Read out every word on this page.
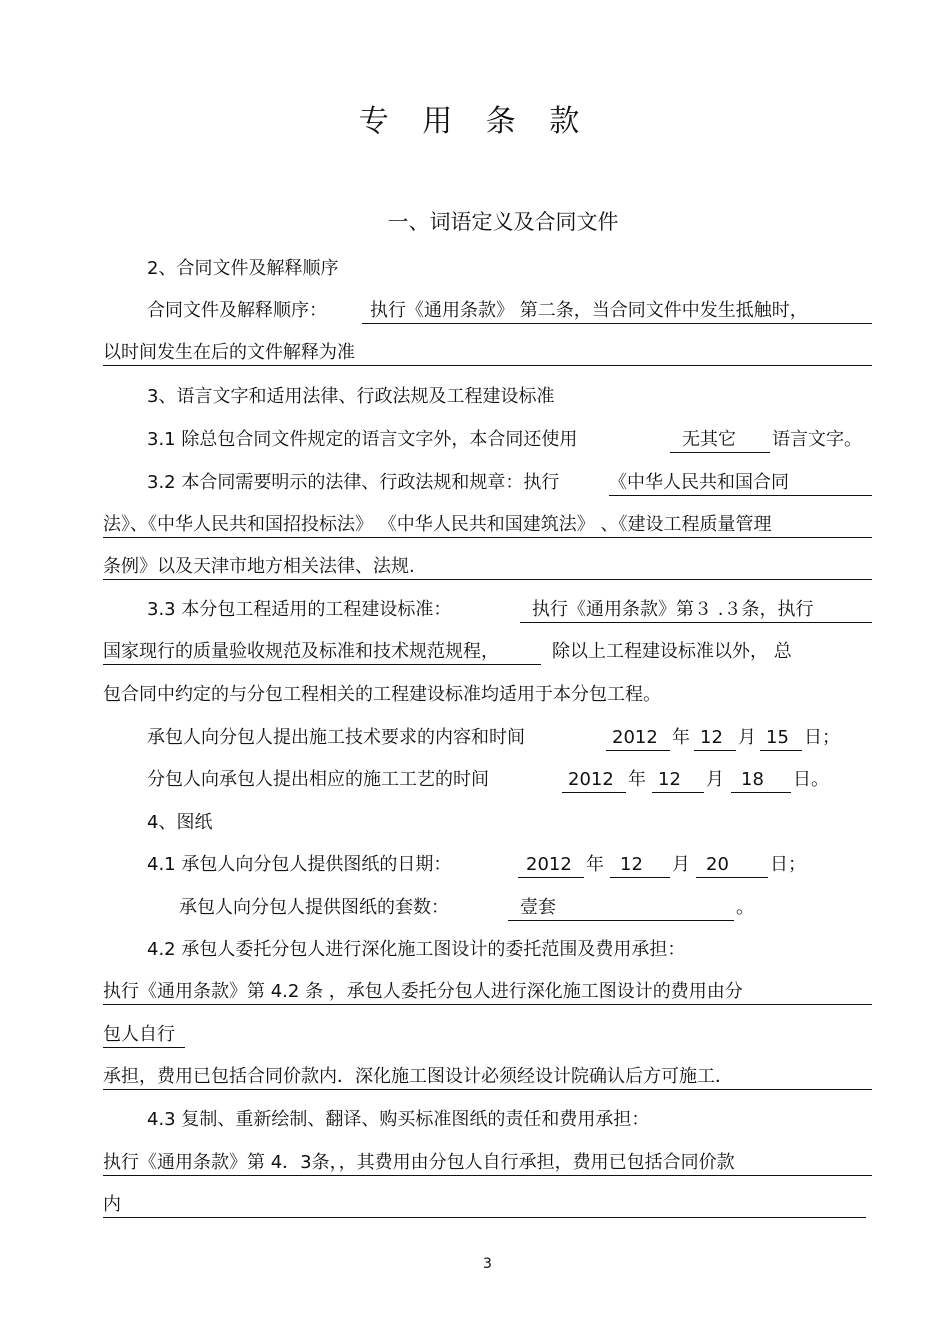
专 用 条 款
一、词语定义及合同文件
2、合同文件及解释顺序
合同文件及解释顺序： 执行《通用条款》 第二条，当合同文件中发生抵触时，
以时间发生在后的文件解释为准
3、语言文字和适用法律、行政法规及工程建设标准
3.1 除总包合同文件规定的语言文字外，本合同还使用	无其它 语言文字。
3.2 本合同需要明示的法律、行政法规和规章：执行	《中华人民共和国合同
法》、《中华人民共和国招投标法》 《中华人民共和国建筑法》 、《建设工程质量管理
条例》以及天津市地方相关法律、法规.
3.3 本分包工程适用的工程建设标准：	执行《通用条款》第３ .３条，执行
国家现行的质量验收规范及标准和技术规范规程，	除以上工程建设标准以外， 总
包合同中约定的与分包工程相关的工程建设标准均适用于本分包工程。
承包人向分包人提出施工技术要求的内容和时间	2012 年 12 月 15 日；
分包人向承包人提出相应的施工工艺的时间	2012 年 12 月 18 日。
4、图纸
4.1 承包人向分包人提供图纸的日期：	2012 年 12 月 20 日；
承包人向分包人提供图纸的套数：	壹套	。
4.2 承包人委托分包人进行深化施工图设计的委托范围及费用承担：
执行《通用条款》第 4.2 条 ，承包人委托分包人进行深化施工图设计的费用由分
包人自行
承担，费用已包括合同价款内．深化施工图设计必须经设计院确认后方可施工．
4.3 复制、重新绘制、翻译、购买标准图纸的责任和费用承担：
执行《通用条款》第 4．3条，，其费用由分包人自行承担，费用已包括合同价款
内
3
